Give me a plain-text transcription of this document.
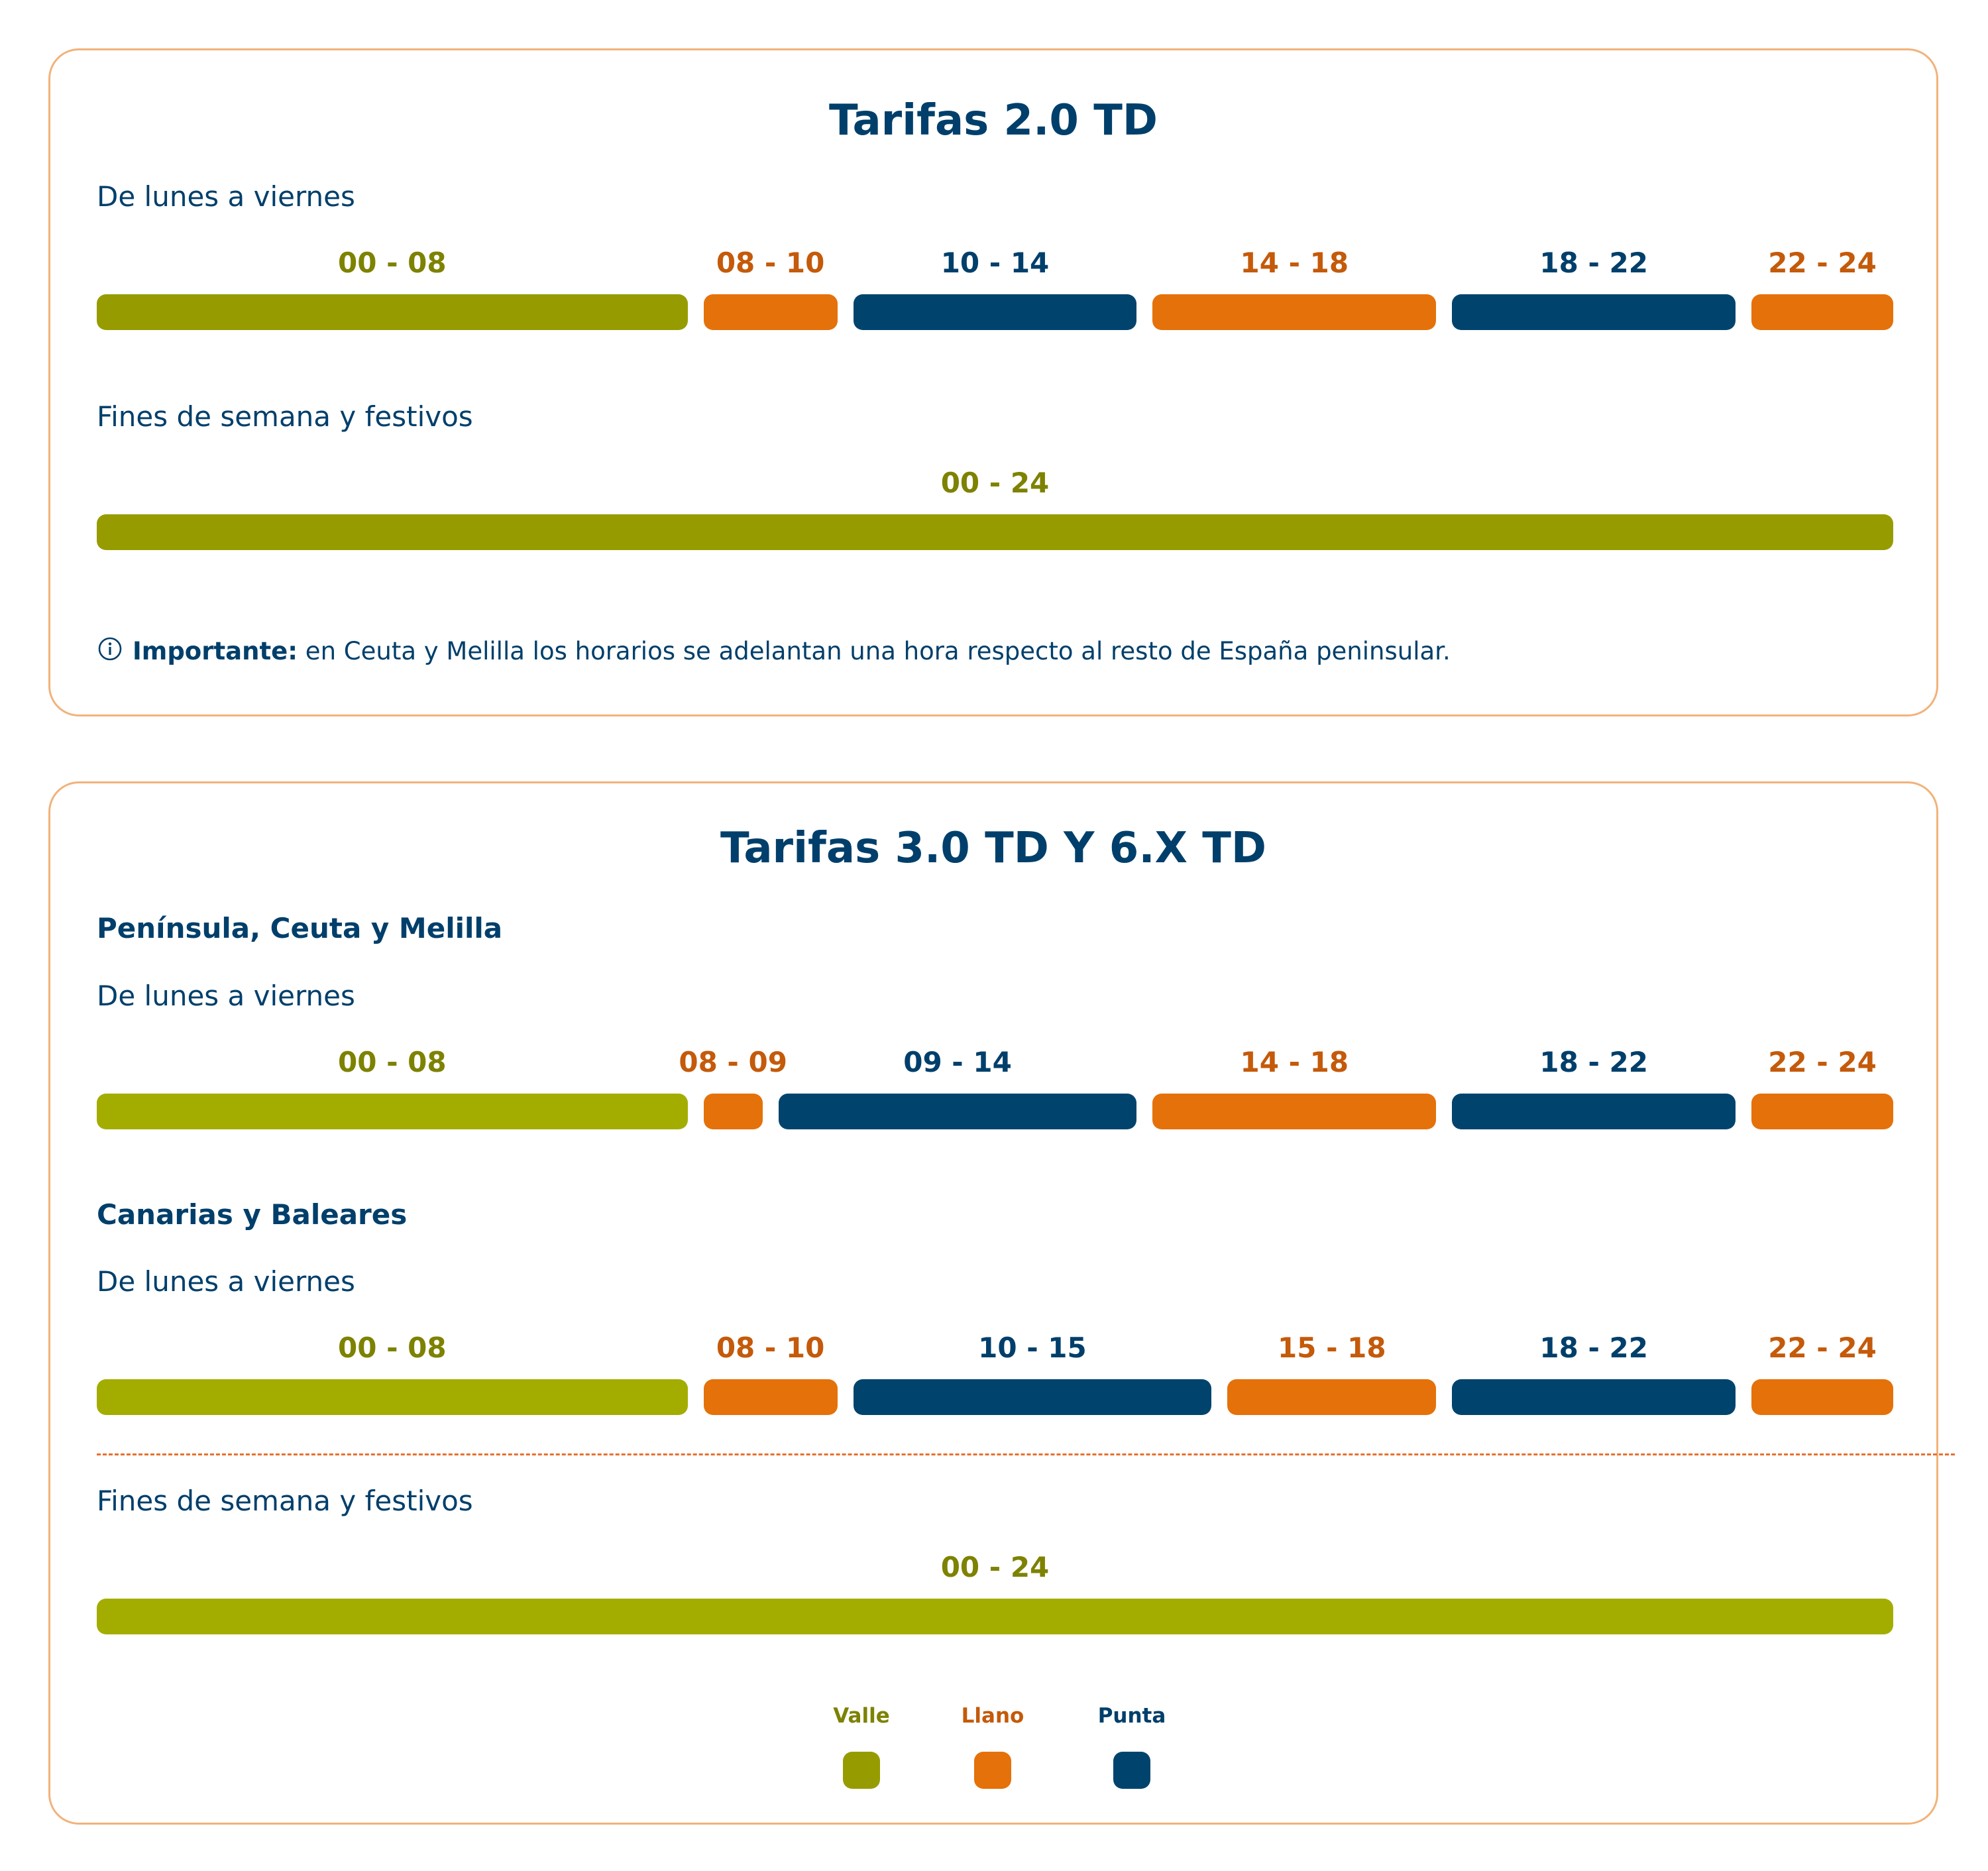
Tarifas 2.0 TD
De lunes a viernes
00 - 08	08 - 10	10 - 14	14 - 18	18 - 22	22 - 24
Fines de semana y festivos
00 - 24
Importante: en Ceuta y Melilla los horarios se adelantan una hora respecto al resto de España peninsular.
Tarifas 3.0 TD Y 6.X TD
Península, Ceuta y Melilla
De lunes a viernes
00 - 08	08 - 09	09 - 14	14 - 18	18 - 22	22 - 24
Canarias y Baleares
De lunes a viernes
00 - 08	08 - 10	10 - 15	15 - 18	18 - 22	22 - 24
Fines de semana y festivos
00 - 24
Valle	Llano	Punta
